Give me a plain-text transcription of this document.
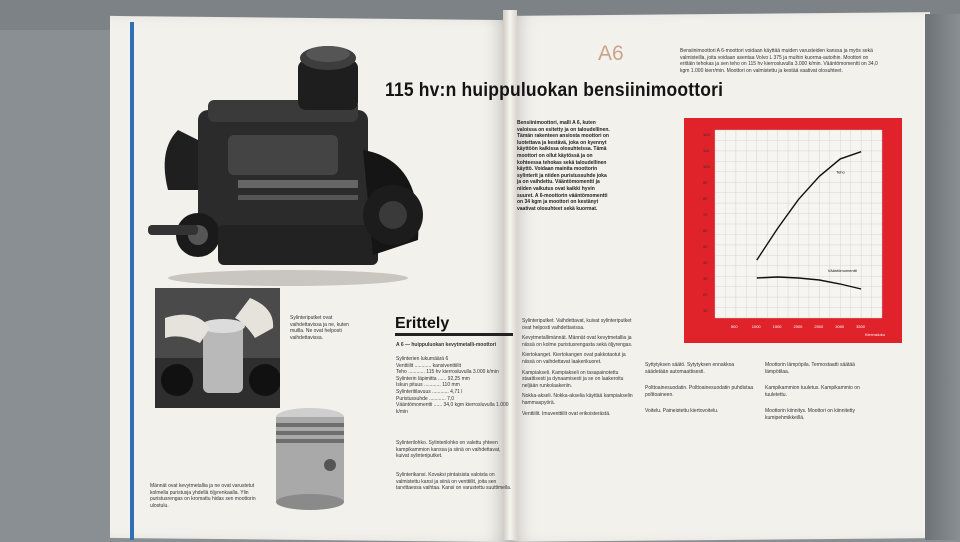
A6
115 hv:n huippuluokan bensiinimoottori
Sylinteriputket ovat vaihdettavissa ja ne, kuten muilla. Ne ovat helposti vaihdettavissa.
Männät ovat kevytmetallia ja ne ovat varustetut kolmella puristusja yhdellä öljyrenkaalla. Ylin puristusrengas on kromattu hidas sen moottorin ulostulu.
Bensiinimoottori, malli A 6, kuten valoissa on esitetty ja on taloudellinen. Tämän rakenteen ansiosta moottori on luotettava ja kestävä, joka on kyennyt käyttöön kaikissa olosuhteissa. Tämä moottori on ollut käytössä ja on kohteessa tehokas sekä taloudellinen käyttö. Voidaan mainita moottorin sylinterit ja niiden puristussuhde joka ja on vaihdettu. Vääntömomentti ja niiden vaikutus ovat kaikki hyvin suuret. A 6-moottorin vääntömomentti on 34 kgm ja moottori on kestänyt vaativat olosuhteet sekä kuormat.
Erittely
A 6 — huippuluokan kevytmetalli-moottori
Sylinterien lukumäärä 6
Venttiilit ............ kansiventtiilit
Teho ............ 115 hv kierrosluvulla 3.000 k/min
Sylinterin läpimitta ...... 92,25 mm
Iskun pituus ............ 110 mm
Sylinteritilavuus ............ 4,71 l
Puristussuhde ............ 7,0
Vääntömomentti ...... 34,0 kgm kierrosluvulla 1.000 k/min
Sylinterilohko. Sylinterilohko on valettu yhteen kampikammion kanssa ja siinä on vaihdettavat, kuivat sylinteriputket.
Sylinterikansi. Kovaksi pintaisista valoista on valmistettu kansi ja siinä on venttiilit, joita sen tarvittaessa vaihtaa. Kansi on varustettu suuttimella.
Bensiinimoottori A 6-moottori voidaan käyttää muiden varusteiden kanssa ja myös sekä valmisteilla, joita voidaan asentaa Volvo L 375 ja muihin kuorma-autoihin. Moottori on erittäin tehokas ja sen teho on 115 hv kierrosluvulla 3.000 k/min. Vääntömomentti on 34,0 kgm 1.000 kierr/min. Moottori on valmistettu ja kestää vaativat olosuhteet.
Sylinteriputket. Vaihdettavat, kuivat sylinteriputket ovat helposti vaihdettavissa.
Kevytmetallimännät. Männät ovat kevytmetallia ja niissä on kolme puristusrengasta sekä öljyrengas.
Kiertokanget. Kiertokangen ovat pakkotaotut ja niissä on vaihdettavat laakerikuoret.
Kampiakseli. Kampiakseli on tasapainotettu staattisesti ja dynaamisesti ja se on laakeroitu neljään runkolaakeriin.
Nokka-akseli. Nokka-akselia käyttää kampiakselin hammaspyörä.
Venttiilit. Imuventtiilit ovat erikoisterästä.
Syttytyksen säätö. Sytytyksen ennakkoa säädetään automaattisesti.
Polttoainesuodatin. Polttoainesuodatin puhdistaa polttoaineen.
Voitelu. Paineistettu kiertovoitelu.
Moottorin lämpöpila. Termostaatti säätää lämpötilaa.
Kampikammion tuuletus. Kampikammio on tuuletettu.
Moottorin kiinnitys. Moottori on kiinnitetty kumipehmikkeillä.
120
110
100
90
80
70
60
50
40
30
20
10
500	1000	1500	2000	2500	3000	3500
Kierrosluku
Teho
Vääntömomentti
